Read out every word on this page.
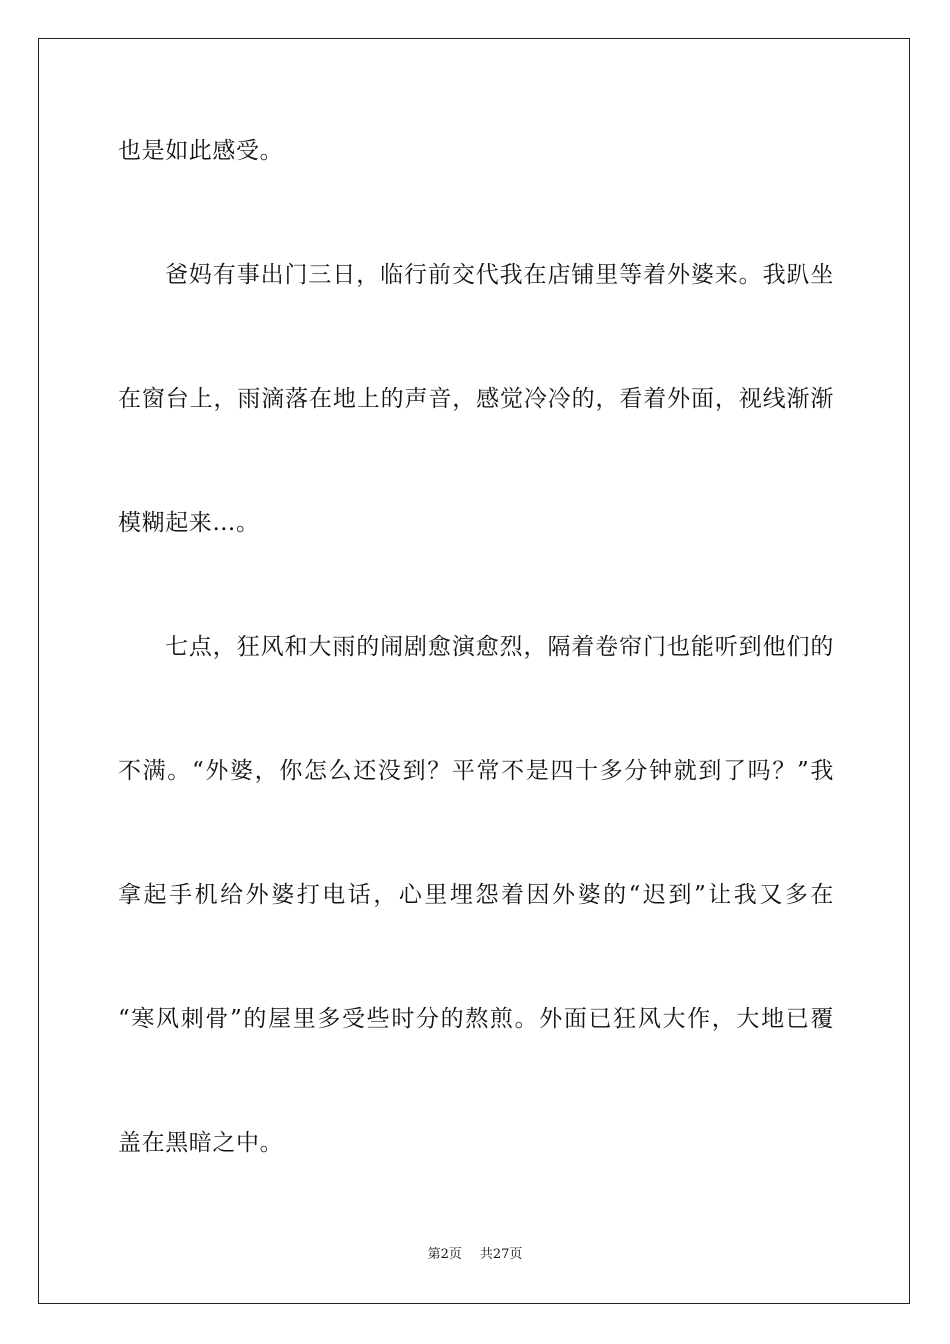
也是如此感受。
爸妈有事出门三日，临行前交代我在店铺里等着外婆来。我趴坐
在窗台上，雨滴落在地上的声音，感觉冷冷的，看着外面，视线渐渐
模糊起来…。
七点，狂风和大雨的闹剧愈演愈烈，隔着卷帘门也能听到他们的
不满。“外婆，你怎么还没到？平常不是四十多分钟就到了吗？”我
拿起手机给外婆打电话，心里埋怨着因外婆的“迟到”让我又多在
“寒风刺骨”的屋里多受些时分的熬煎。外面已狂风大作，大地已覆
盖在黑暗之中。
第2页 共27页
